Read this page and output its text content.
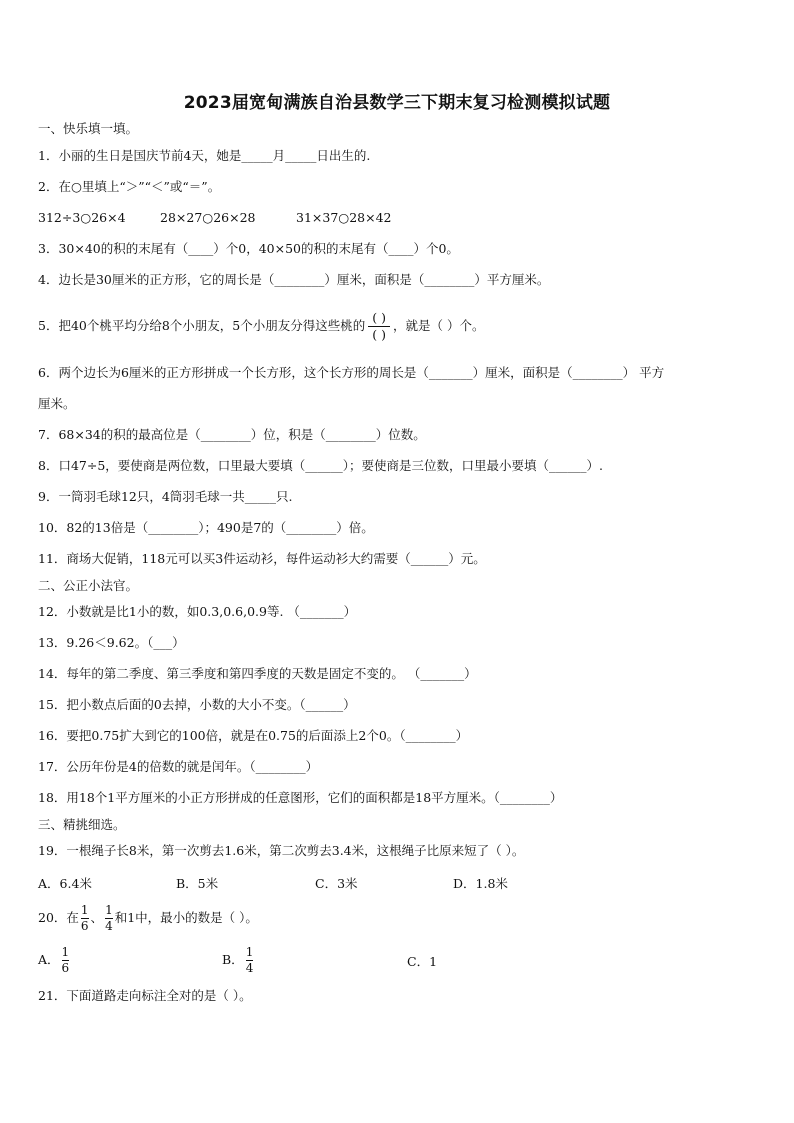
2023届宽甸满族自治县数学三下期末复习检测模拟试题
一、快乐填一填。
1．小丽的生日是国庆节前4天，她是_____月_____日出生的.
2．在○里填上“＞”“＜”或“＝”。
312÷3○26×4	28×27○26×28	31×37○28×42
3．30×40的积的末尾有（____）个0，40×50的积的末尾有（____）个0。
4．边长是30厘米的正方形，它的周长是（________）厘米，面积是（________）平方厘米。
5．把40个桃平均分给8个小朋友，5个小朋友分得这些桃的
( )
( )
，就是（ ）个。
6．两个边长为6厘米的正方形拼成一个长方形，这个长方形的周长是（_______）厘米，面积是（________） 平方
厘米。
7．68×34的积的最高位是（________）位，积是（________）位数。
8．口47÷5，要使商是两位数，口里最大要填（______）；要使商是三位数，口里最小要填（______）.
9．一筒羽毛球12只，4筒羽毛球一共_____只.
10．82的13倍是（________）；490是7的（________）倍。
11．商场大促销，118元可以买3件运动衫，每件运动衫大约需要（______）元。
二、公正小法官。
12．小数就是比1小的数，如0.3,0.6,0.9等. （_______）
13．9.26＜9.62。（___）
14．每年的第二季度、第三季度和第四季度的天数是固定不变的。 （_______）
15．把小数点后面的0去掉，小数的大小不变。（______）
16．要把0.75扩大到它的100倍，就是在0.75的后面添上2个0。（________）
17．公历年份是4的倍数的就是闰年。（________）
18．用18个1平方厘米的小正方形拼成的任意图形，它们的面积都是18平方厘米。（________）
三、精挑细选。
19．一根绳子长8米，第一次剪去1.6米，第二次剪去3.4米，这根绳子比原来短了（ ）。
A．6.4米	B．5米	C．3米	D．1.8米
20．在 $\frac{1}{6}$ 、 $\frac{1}{4}$ 和1中，最小的数是（ ）。
A． $\frac{1}{6}$	B． $\frac{1}{4}$	C．1
21．下面道路走向标注全对的是（ ）。
